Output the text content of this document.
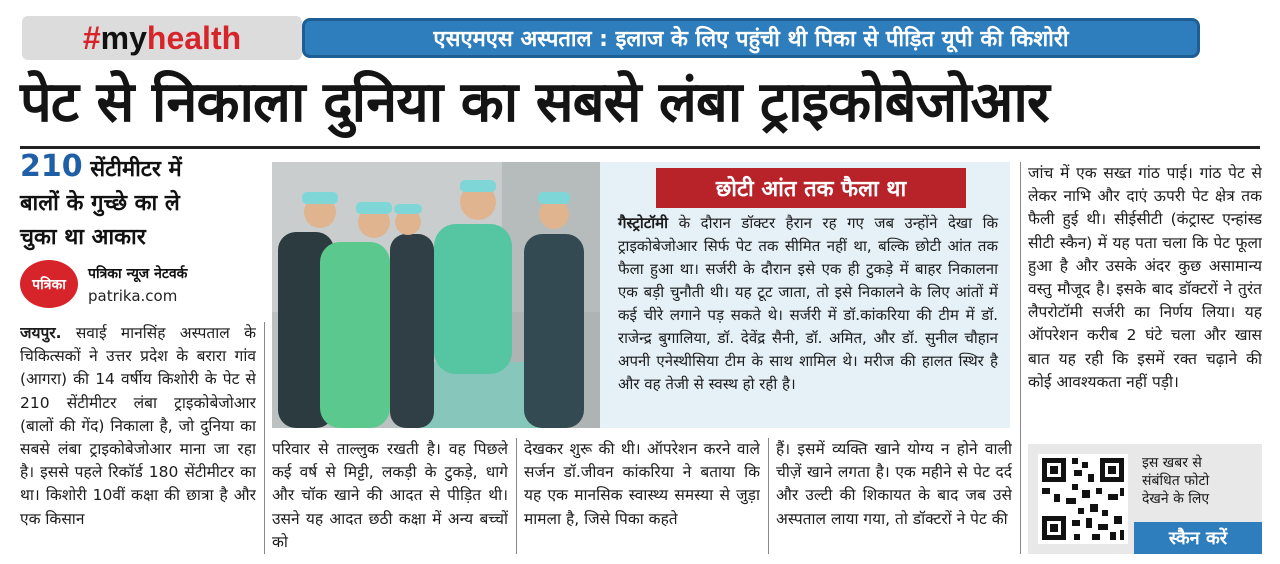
# my health	एसएमएस अस्पताल : इलाज के लिए पहुंची थी पिका से पीड़ित यूपी की किशोरी
पेट से निकाला दुनिया का सबसे लंबा ट्राइकोबेजोआर
210 सेंटीमीटर में
बालों के गुच्छे का ले
चुका था आकार
पत्रिका
पत्रिका न्यूज नेटवर्क
patrika.com
जयपुर. सवाई मानसिंह अस्पताल के चिकित्सकों ने उत्तर प्रदेश के बरारा गांव (आगरा) की 14 वर्षीय किशोरी के पेट से 210 सेंटीमीटर लंबा ट्राइकोबेजोआर (बालों की गेंद) निकाला है, जो दुनिया का सबसे लंबा ट्राइकोबेजोआर माना जा रहा है। इससे पहले रिकॉर्ड 180 सेंटीमीटर का था। किशोरी 10वीं कक्षा की छात्रा है और एक किसान
छोटी आंत तक फैला था
गैस्ट्रोटॉमी के दौरान डॉक्टर हैरान रह गए जब उन्होंने देखा कि ट्राइकोबेजोआर सिर्फ पेट तक सीमित नहीं था, बल्कि छोटी आंत तक फैला हुआ था। सर्जरी के दौरान इसे एक ही टुकड़े में बाहर निकालना एक बड़ी चुनौती थी। यह टूट जाता, तो इसे निकालने के लिए आंतों में कई चीरे लगाने पड़ सकते थे। सर्जरी में डॉ.कांकरिया की टीम में डॉ. राजेन्द्र बुगालिया, डॉ. देवेंद्र सैनी, डॉ. अमित, और डॉ. सुनील चौहान अपनी एनेस्थीसिया टीम के साथ शामिल थे। मरीज की हालत स्थिर है और वह तेजी से स्वस्थ हो रही है।
परिवार से ताल्लुक रखती है। वह पिछले कई वर्ष से मिट्टी, लकड़ी के टुकड़े, धागे और चॉक खाने की आदत से पीड़ित थी। उसने यह आदत छठी कक्षा में अन्य बच्चों को
देखकर शुरू की थी। ऑपरेशन करने वाले सर्जन डॉ.जीवन कांकरिया ने बताया कि यह एक मानसिक स्वास्थ्य समस्या से जुड़ा मामला है, जिसे पिका कहते
हैं। इसमें व्यक्ति खाने योग्य न होने वाली चीज़ें खाने लगता है। एक महीने से पेट दर्द और उल्टी की शिकायत के बाद जब उसे अस्पताल लाया गया, तो डॉक्टरों ने पेट की
जांच में एक सख्त गांठ पाई। गांठ पेट से लेकर नाभि और दाएं ऊपरी पेट क्षेत्र तक फैली हुई थी। सीईसीटी (कंट्रास्ट एन्हांस्ड सीटी स्कैन) में यह पता चला कि पेट फूला हुआ है और उसके अंदर कुछ असामान्य वस्तु मौजूद है। इसके बाद डॉक्टरों ने तुरंत लैपरोटॉमी सर्जरी का निर्णय लिया। यह ऑपरेशन करीब 2 घंटे चला और खास बात यह रही कि इसमें रक्त चढ़ाने की कोई आवश्यकता नहीं पड़ी।
इस खबर से
संबंधित फोटो
देखने के लिए
स्कैन करें
